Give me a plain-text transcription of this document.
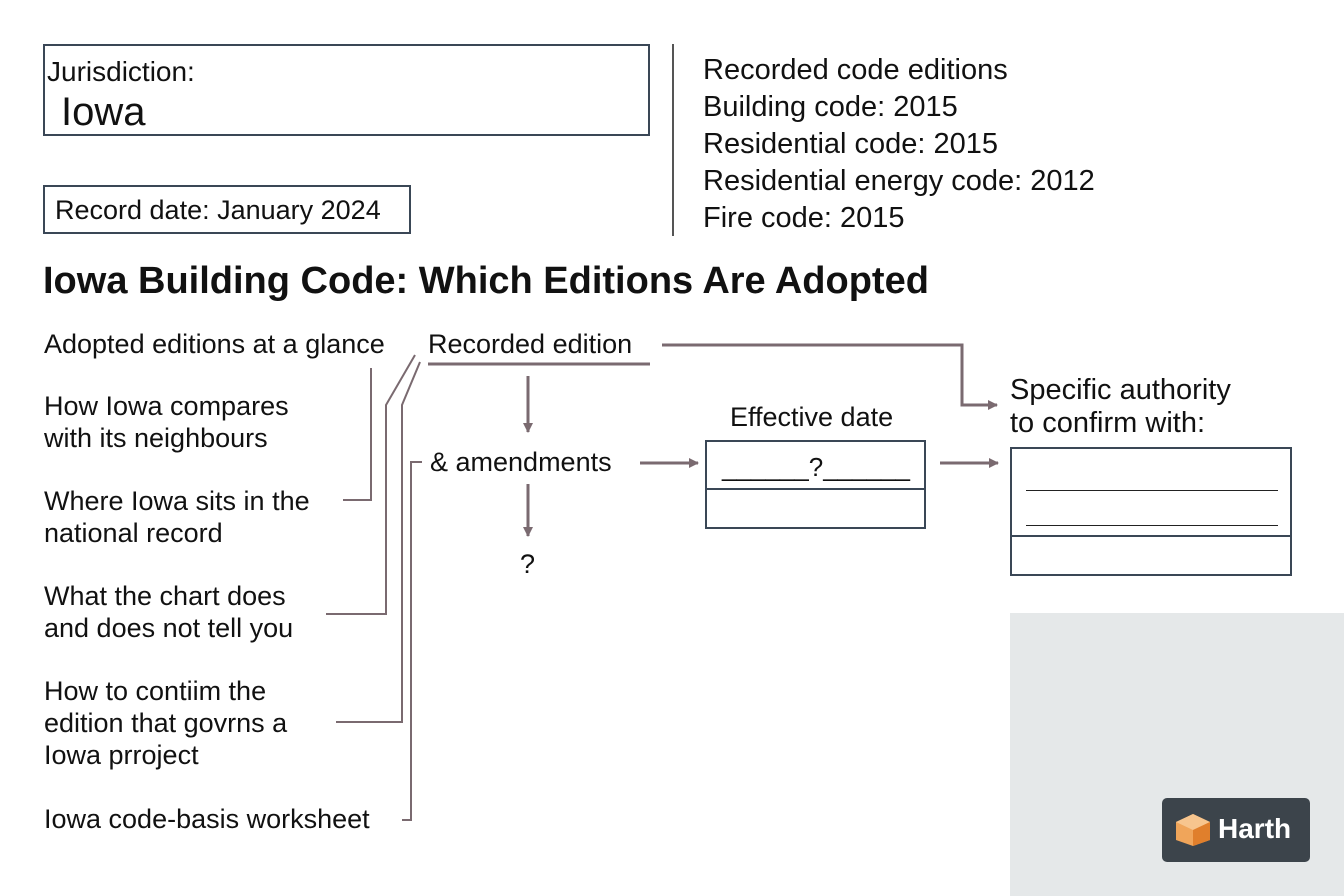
Jurisdiction:
Iowa
Record date: January 2024
Recorded code editions
Building code: 2015
Residential code: 2015
Residential energy code: 2012
Fire code: 2015
Iowa Building Code: Which Editions Are Adopted
Adopted editions at a glance
How Iowa compares with its neighbours
Where Iowa sits in the national record
What the chart does and does not tell you
How to contiim the edition that govrns a Iowa prroject
Iowa code-basis worksheet
Recorded edition
& amendments
?
Effective date
______?______
Specific authority
to confirm with:
Harth
